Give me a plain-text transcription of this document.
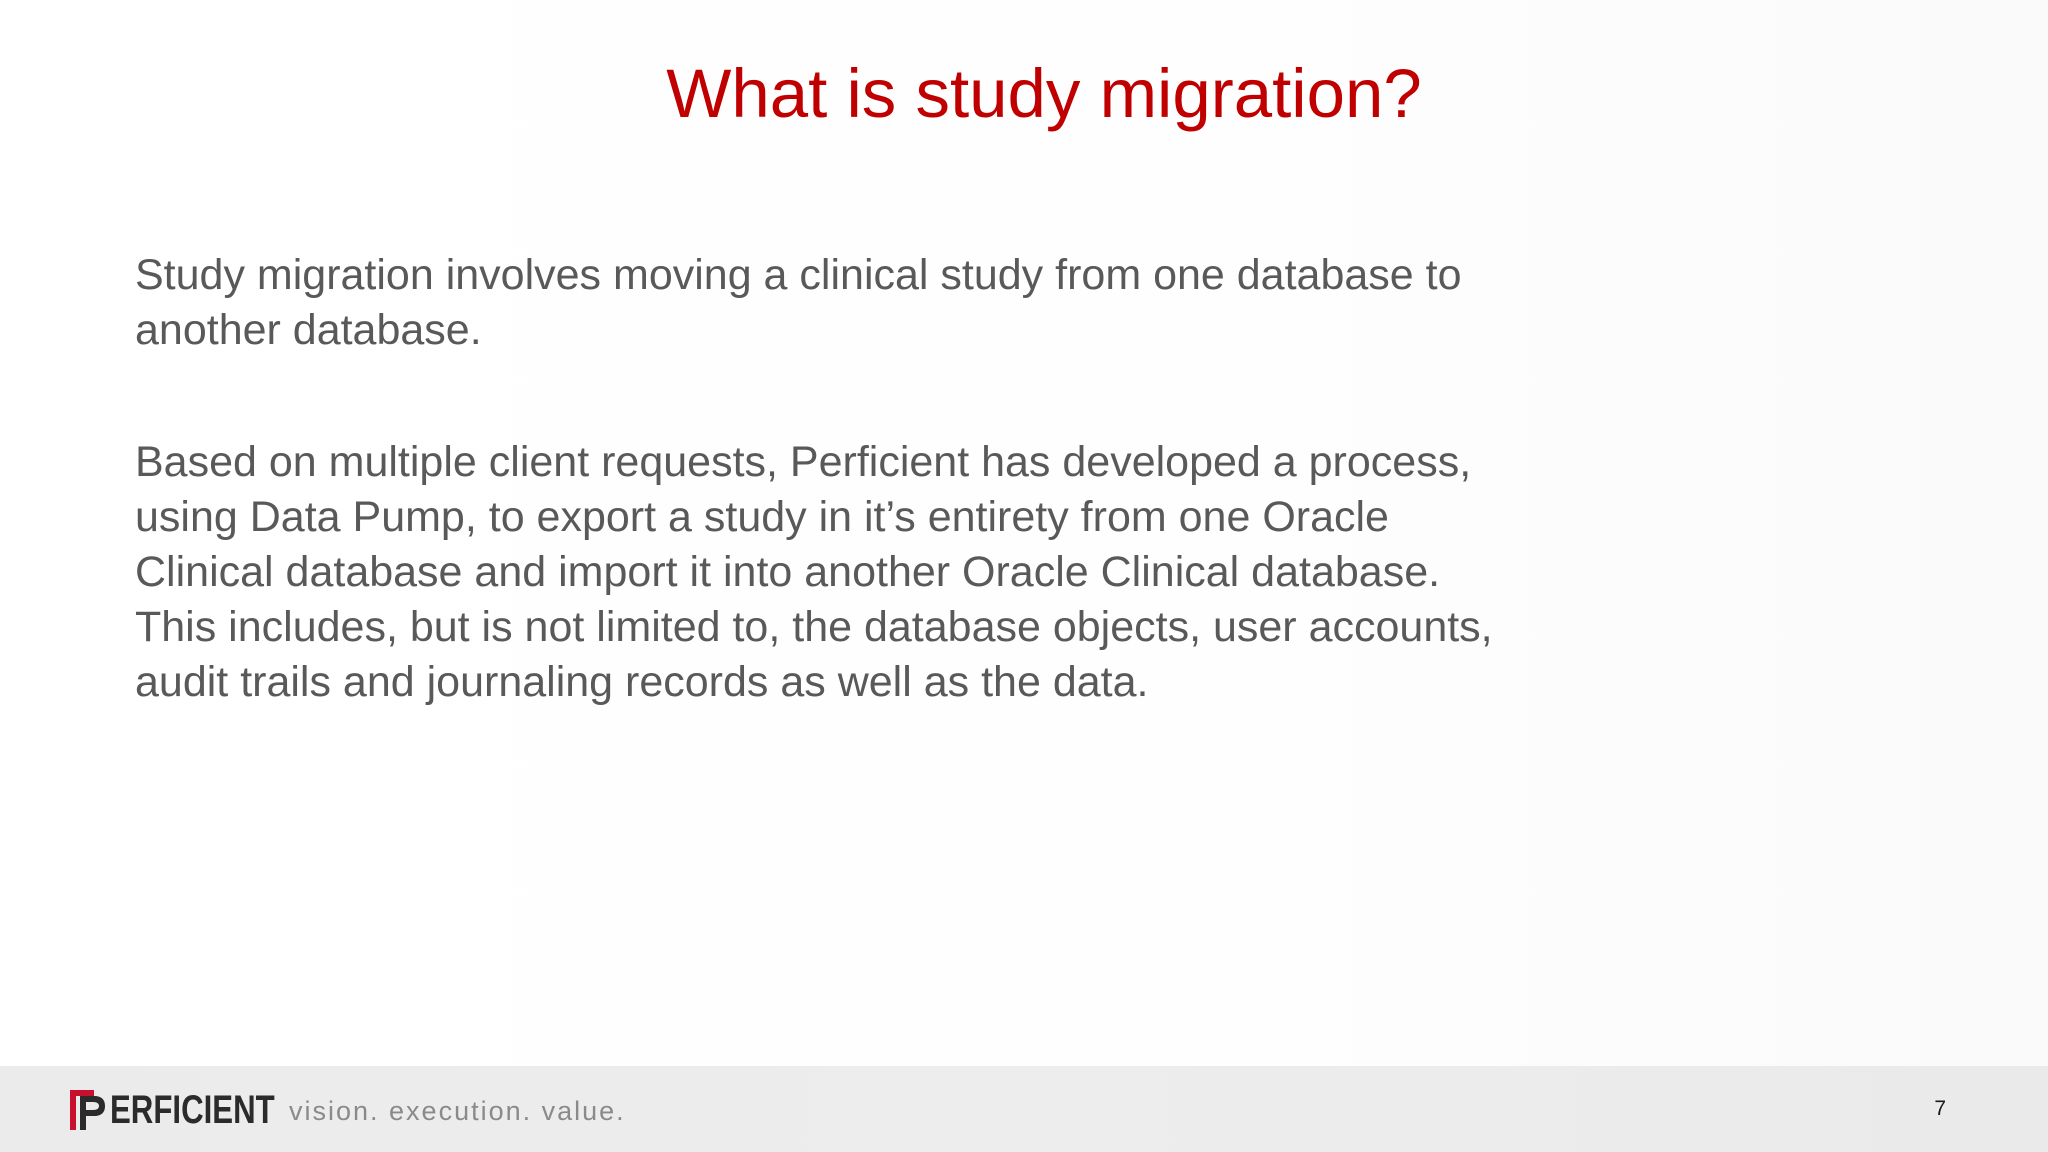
What is study migration?

Study migration involves moving a clinical study from one database to
another database.

Based on multiple client requests, Perficient has developed a process,
using Data Pump, to export a study in it’s entirety from one Oracle
Clinical database and import it into another Oracle Clinical database.
This includes, but is not limited to, the database objects, user accounts,
audit trails and journaling records as well as the data.

ERFICIENT vision. execution. value.	7
